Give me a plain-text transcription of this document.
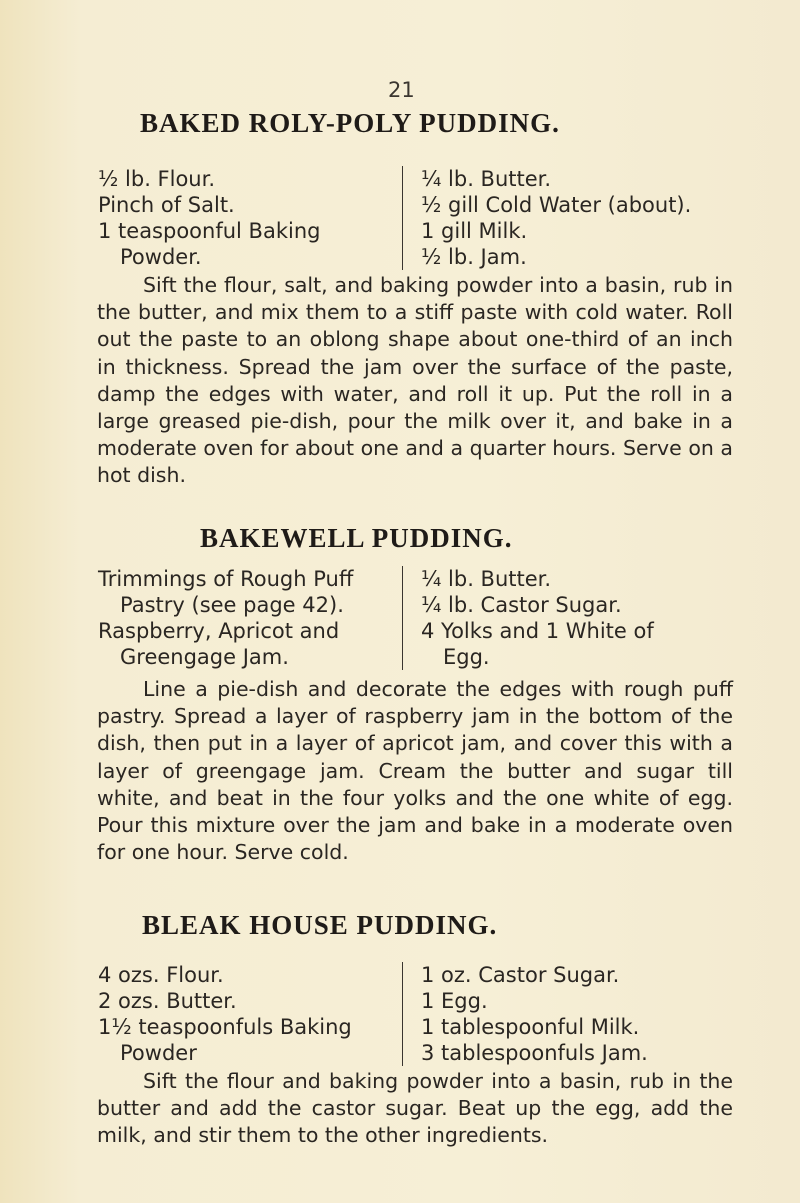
21
BAKED ROLY-POLY PUDDING.
½ lb. Flour.
Pinch of Salt.
1 teaspoonful Baking
Powder.
¼ lb. Butter.
½ gill Cold Water (about).
1 gill Milk.
½ lb. Jam.

Sift the flour, salt, and baking powder into a basin, rub in the butter, and mix them to a stiff paste with cold water. Roll out the paste to an oblong shape about one-third of an inch in thickness. Spread the jam over the surface of the paste, damp the edges with water, and roll it up. Put the roll in a large greased pie-dish, pour the milk over it, and bake in a moderate oven for about one and a quarter hours. Serve on a hot dish.

BAKEWELL PUDDING.
Trimmings of Rough Puff
Pastry (see page 42).
Raspberry, Apricot and
Greengage Jam.
¼ lb. Butter.
¼ lb. Castor Sugar.
4 Yolks and 1 White of
Egg.

Line a pie-dish and decorate the edges with rough puff pastry. Spread a layer of raspberry jam in the bottom of the dish, then put in a layer of apricot jam, and cover this with a layer of greengage jam. Cream the butter and sugar till white, and beat in the four yolks and the one white of egg. Pour this mixture over the jam and bake in a moderate oven for one hour. Serve cold.

BLEAK HOUSE PUDDING.
4 ozs. Flour.
2 ozs. Butter.
1½ teaspoonfuls Baking
Powder
1 oz. Castor Sugar.
1 Egg.
1 tablespoonful Milk.
3 tablespoonfuls Jam.

Sift the flour and baking powder into a basin, rub in the butter and add the castor sugar. Beat up the egg, add the milk, and stir them to the other ingredients.
